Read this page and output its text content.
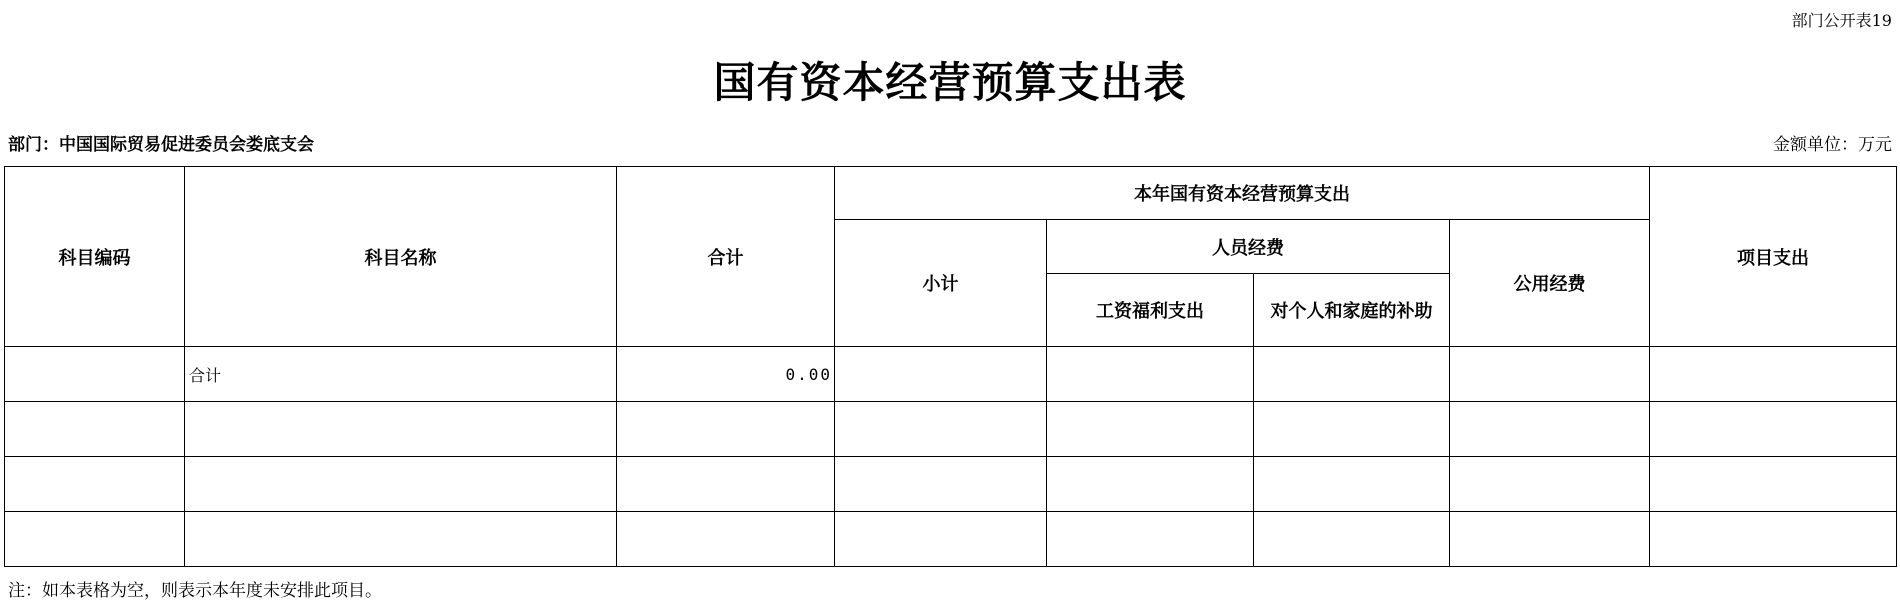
部门公开表19
国有资本经营预算支出表
部门：中国国际贸易促进委员会娄底支会	金额单位：万元
科目编码	科目名称	合计	本年国有资本经营预算支出				项目支出
			小计	人员经费		公用经费	
				工资福利支出	对个人和家庭的补助		
	合计	0.00					

注：如本表格为空，则表示本年度未安排此项目。
